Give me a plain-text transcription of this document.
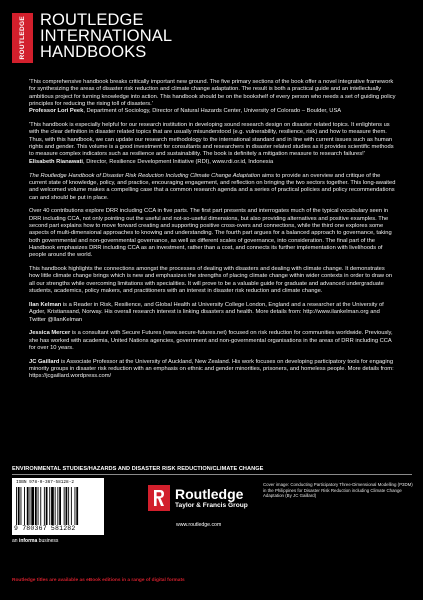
ROUTLEDGE ROUTLEDGE
INTERNATIONAL
HANDBOOKS

'This comprehensive handbook breaks critically important new ground. The five primary sections of the book offer a novel integrative framework for synthesizing the areas of disaster risk reduction and climate change adaptation. The result is both a practical guide and an intellectually ambitious project for turning knowledge into action. This handbook should be on the bookshelf of every person who needs a set of guiding policy principles for reducing the rising toll of disasters.'
Professor Lori Peek, Department of Sociology, Director of Natural Hazards Center, University of Colorado – Boulder, USA

'This handbook is especially helpful for our research institution in developing sound research design on disaster related topics. It enlightens us with the clear definition in disaster related topics that are usually misunderstood (e.g. vulnerability, resilience, risk) and how to measure them. Thus, with this handbook, we can update our research methodology to the international standard and in line with current issues such as human rights and gender. This volume is a good investment for consultants and researchers in disaster related studies as it provides scientific methods to measure complex indicators such as resilience and sustainability. The book is definitely a mitigation measure to research failures!'
Elisabeth Rianawati, Director, Resilience Development Initiative (RDI), www.rdi.or.id, Indonesia

The Routledge Handbook of Disaster Risk Reduction Including Climate Change Adaptation aims to provide an overview and critique of the current state of knowledge, policy, and practice, encouraging engagement, and reflection on bringing the two sectors together. This long-awaited and welcomed volume makes a compelling case that a common research agenda and a series of practical policies and policy recommendations can and should be put in place.

Over 40 contributions explore DRR including CCA in five parts. The first part presents and interrogates much of the typical vocabulary seen in DRR including CCA, not only pointing out the useful and not-so-useful dimensions, but also providing alternatives and positive examples. The second part explains how to move forward creating and supporting positive cross-overs and connections, while the third one explores some aspects of multi-dimensional approaches to knowing and understanding. The fourth part argues for a balanced approach to governance, taking both governmental and non-governmental governance, as well as different scales of governance, into consideration. The final part of the Handbook emphasizes DRR including CCA as an investment, rather than a cost, and connects its further implementation with livelihoods of people around the world.

This handbook highlights the connections amongst the processes of dealing with disasters and dealing with climate change. It demonstrates how little climate change brings which is new and emphasizes the strengths of placing climate change within wider contexts in order to draw on all our strengths while overcoming limitations with specialities. It will prove to be a valuable guide for graduate and advanced undergraduate students, academics, policy makers, and practitioners with an interest in disaster risk reduction and climate change.

Ilan Kelman is a Reader in Risk, Resilience, and Global Health at University College London, England and a researcher at the University of Agder, Kristiansand, Norway. His overall research interest is linking disasters and health. More details from: http://www.ilankelman.org and Twitter @IlanKelman

Jessica Mercer is a consultant with Secure Futures (www.secure-futures.net) focused on risk reduction for communities worldwide. Previously, she has worked with academia, United Nations agencies, government and non-governmental organisations in the areas of DRR including CCA for over 10 years.

JC Gaillard is Associate Professor at the University of Auckland, New Zealand. His work focuses on developing participatory tools for engaging minority groups in disaster risk reduction with an emphasis on ethnic and gender minorities, prisoners, and homeless people. More details from: https://jcgaillard.wordpress.com/

ENVIRONMENTAL STUDIES/HAZARDS AND DISASTER RISK REDUCTION/CLIMATE CHANGE
ISBN 978-0-367-58128-2
9 780367 581282
an informa business
Routledge
Taylor & Francis Group
www.routledge.com
Cover image: Conducting Participatory Three-Dimensional Modelling (P3DM) in the Philippines for Disaster Risk Reduction including Climate Change Adaptation (By JC Gaillard)
Routledge titles are available as eBook editions in a range of digital formats
